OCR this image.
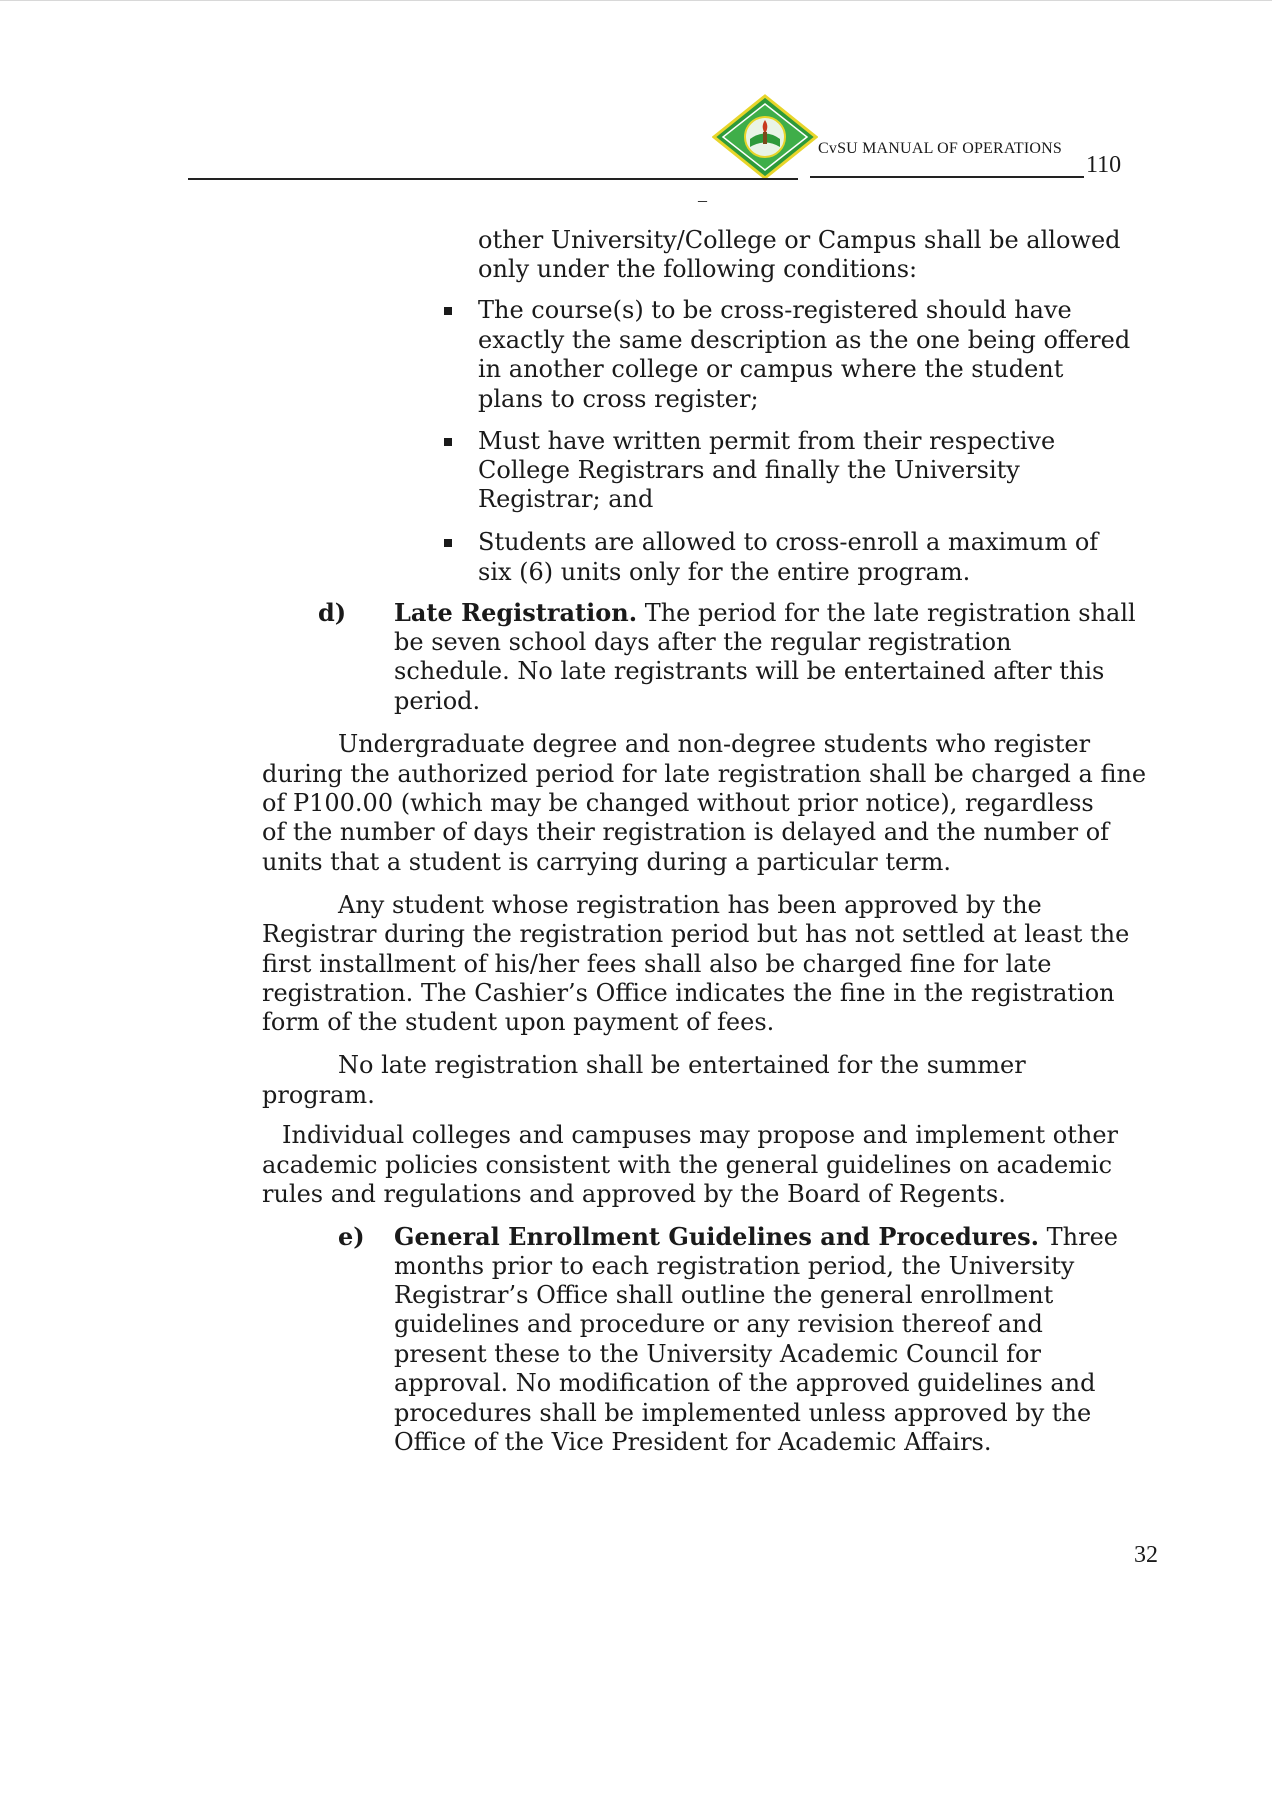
CvSU MANUAL OF OPERATIONS
110
–
other University/College or Campus shall be allowed
only under the following conditions:
The course(s) to be cross-registered should have
exactly the same description as the one being offered
in another college or campus where the student
plans to cross register;
Must have written permit from their respective
College Registrars and finally the University
Registrar; and
Students are allowed to cross-enroll a maximum of
six (6) units only for the entire program.
d) Late Registration. The period for the late registration shall
be seven school days after the regular registration
schedule. No late registrants will be entertained after this
period.
Undergraduate degree and non-degree students who register
during the authorized period for late registration shall be charged a fine
of P100.00 (which may be changed without prior notice), regardless
of the number of days their registration is delayed and the number of
units that a student is carrying during a particular term.
Any student whose registration has been approved by the
Registrar during the registration period but has not settled at least the
first installment of his/her fees shall also be charged fine for late
registration. The Cashier’s Office indicates the fine in the registration
form of the student upon payment of fees.
No late registration shall be entertained for the summer
program.
Individual colleges and campuses may propose and implement other
academic policies consistent with the general guidelines on academic
rules and regulations and approved by the Board of Regents.
e) General Enrollment Guidelines and Procedures. Three
months prior to each registration period, the University
Registrar’s Office shall outline the general enrollment
guidelines and procedure or any revision thereof and
present these to the University Academic Council for
approval. No modification of the approved guidelines and
procedures shall be implemented unless approved by the
Office of the Vice President for Academic Affairs.
32
